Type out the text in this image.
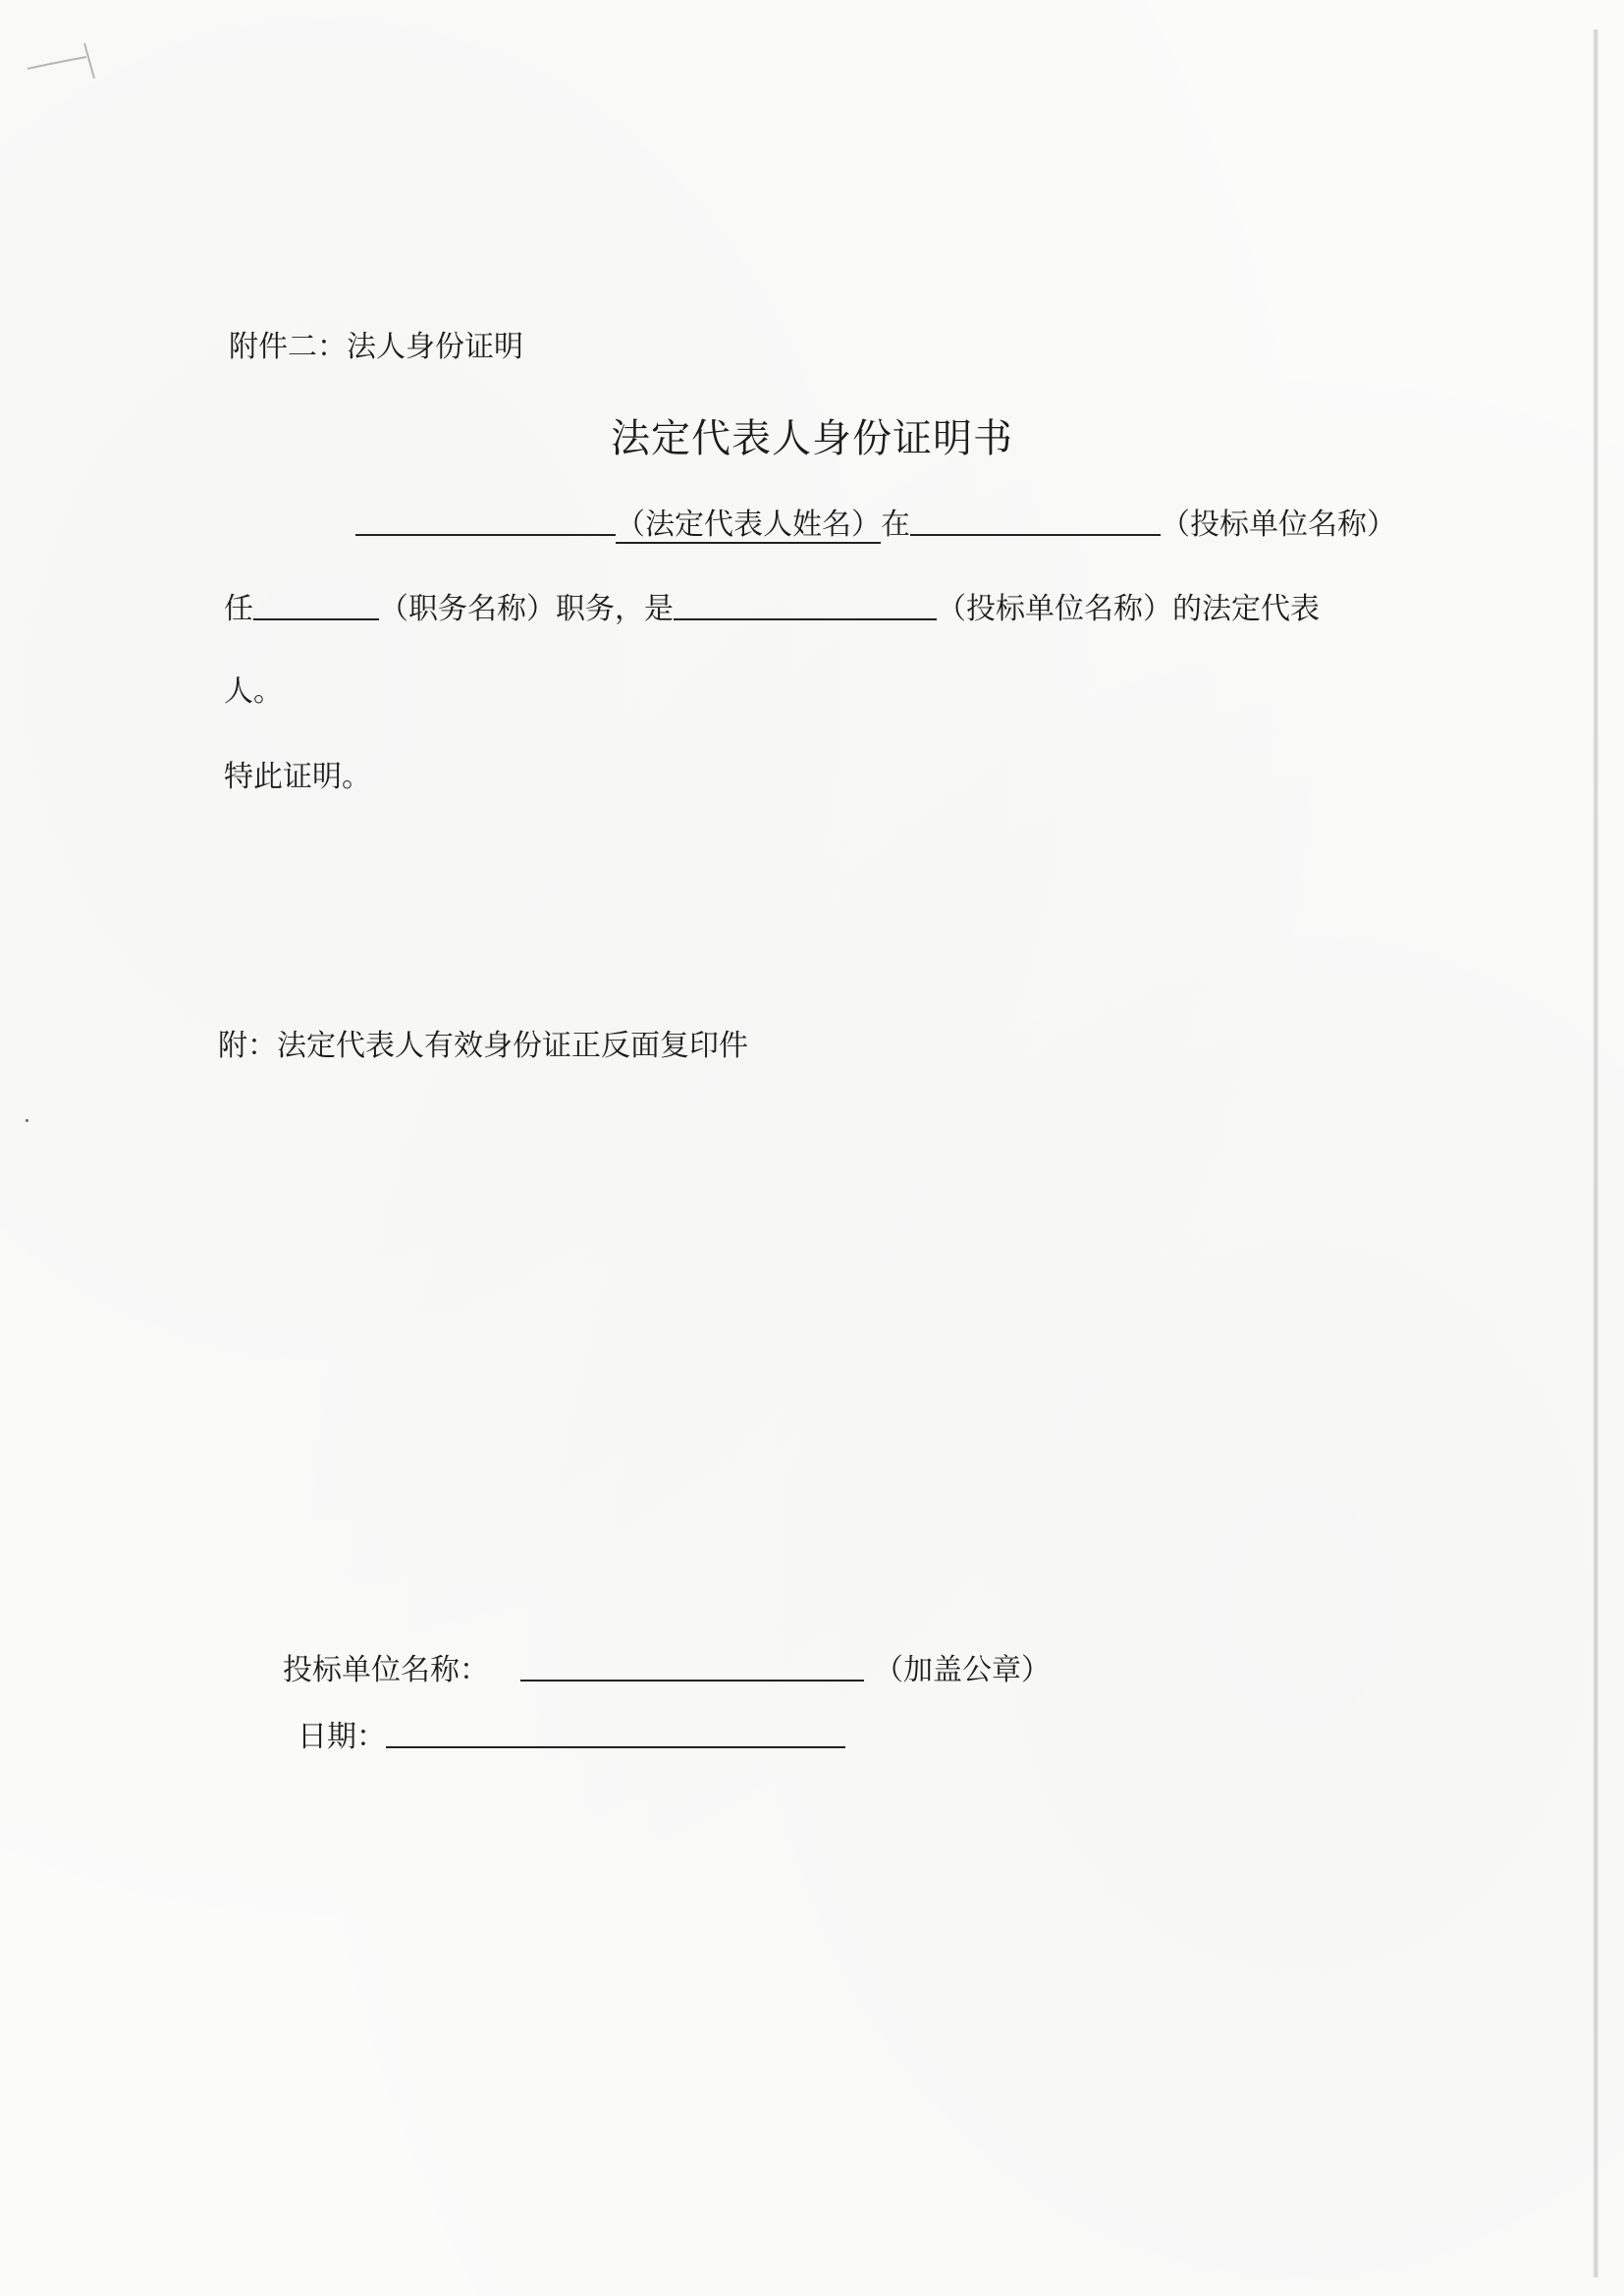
附件二：法人身份证明
法定代表人身份证明书
（法定代表人姓名）在	（投标单位名称）
任	（职务名称）职务，是	（投标单位名称）的法定代表
人。
特此证明。
附：法定代表人有效身份证正反面复印件
投标单位名称：	（加盖公章）
日期：
